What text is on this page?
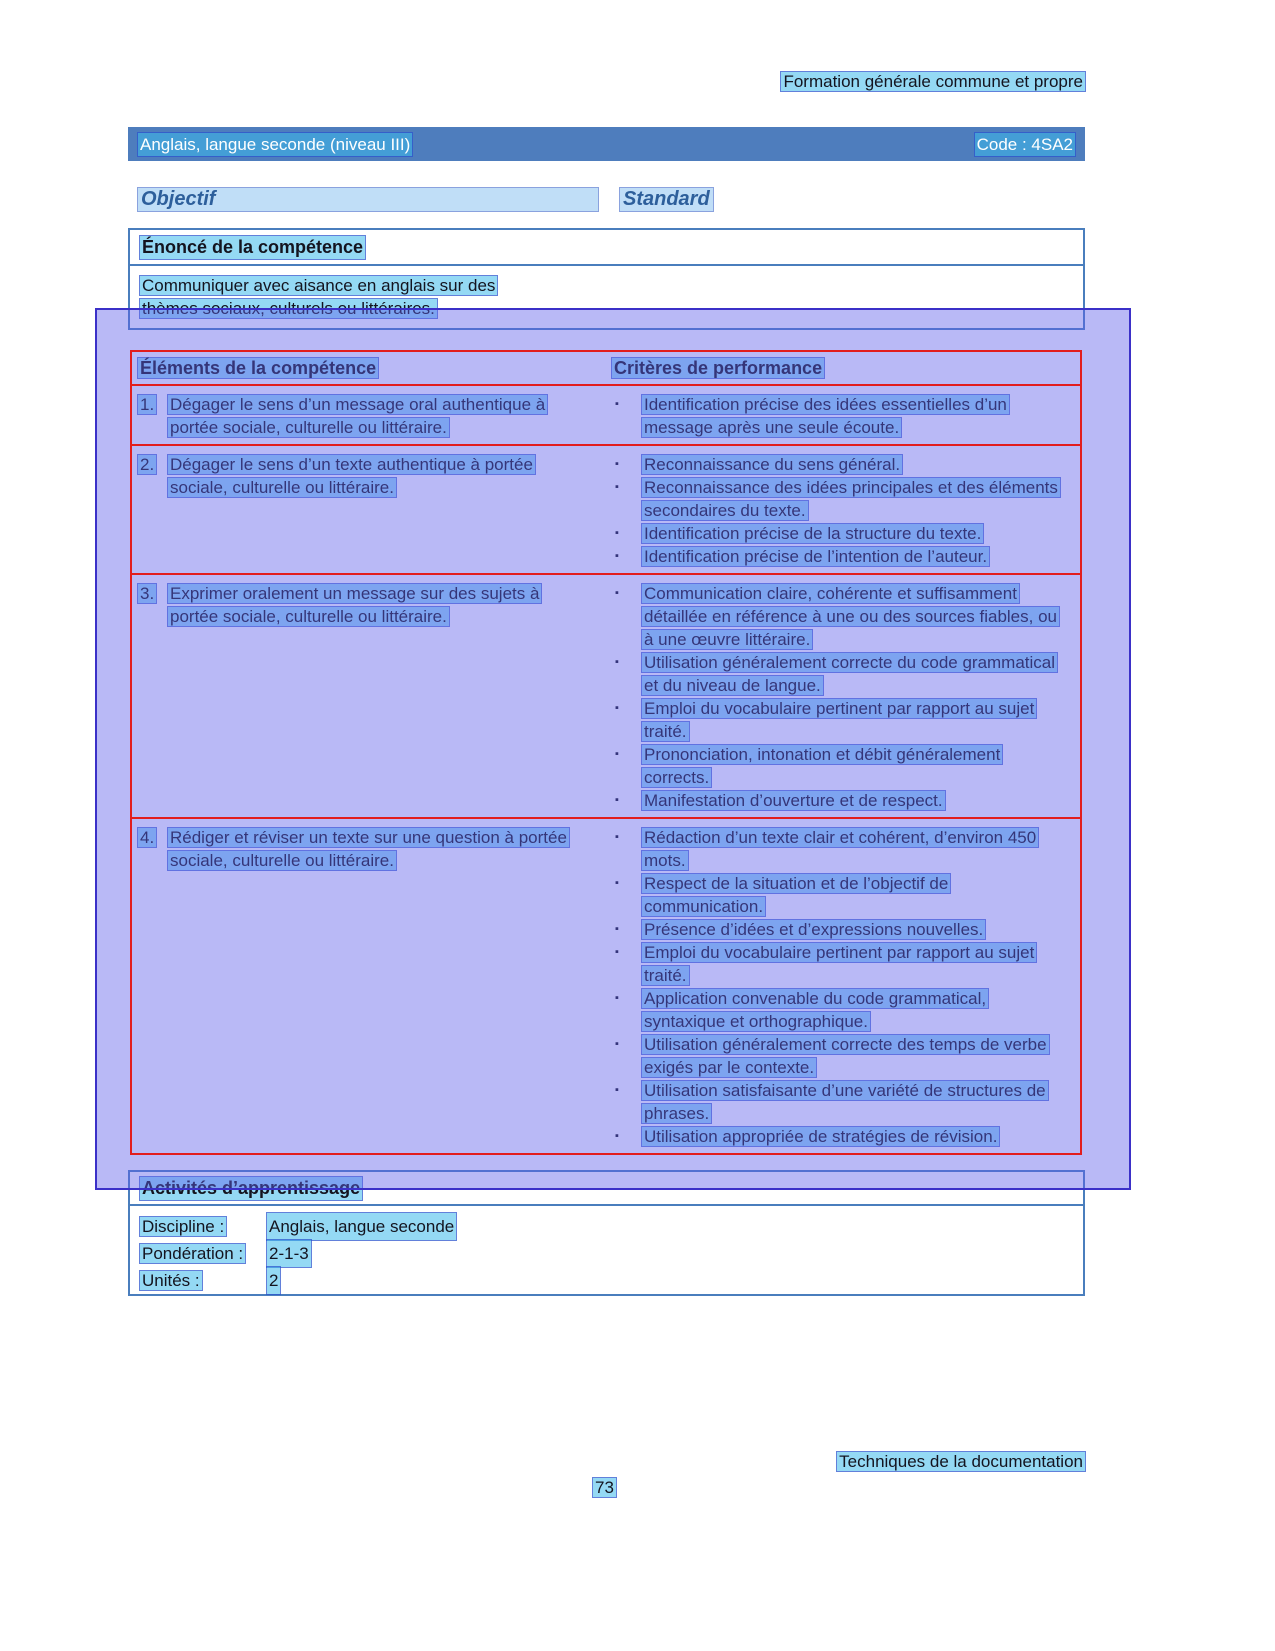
Formation générale commune et propre
Anglais, langue seconde (niveau III)	Code : 4SA2
Objectif	Standard
Énoncé de la compétence
Communiquer avec aisance en anglais sur des thèmes sociaux, culturels ou littéraires.
Éléments de la compétence	Critères de performance
1. Dégager le sens d’un message oral authentique à portée sociale, culturelle ou littéraire.
▪	Identification précise des idées essentielles d’un message après une seule écoute.
2. Dégager le sens d’un texte authentique à portée sociale, culturelle ou littéraire.
▪	Reconnaissance du sens général.
▪	Reconnaissance des idées principales et des éléments secondaires du texte.
▪	Identification précise de la structure du texte.
▪	Identification précise de l’intention de l’auteur.
3. Exprimer oralement un message sur des sujets à portée sociale, culturelle ou littéraire.
▪	Communication claire, cohérente et suffisamment détaillée en référence à une ou des sources fiables, ou à une œuvre littéraire.
▪	Utilisation généralement correcte du code grammatical et du niveau de langue.
▪	Emploi du vocabulaire pertinent par rapport au sujet traité.
▪	Prononciation, intonation et débit généralement corrects.
▪	Manifestation d’ouverture et de respect.
4. Rédiger et réviser un texte sur une question à portée sociale, culturelle ou littéraire.
▪	Rédaction d’un texte clair et cohérent, d’environ 450 mots.
▪	Respect de la situation et de l’objectif de communication.
▪	Présence d’idées et d’expressions nouvelles.
▪	Emploi du vocabulaire pertinent par rapport au sujet traité.
▪	Application convenable du code grammatical, syntaxique et orthographique.
▪	Utilisation généralement correcte des temps de verbe exigés par le contexte.
▪	Utilisation satisfaisante d’une variété de structures de phrases.
▪	Utilisation appropriée de stratégies de révision.
Activités d’apprentissage
Discipline :	Anglais, langue seconde
Pondération :	2-1-3
Unités :	2
Techniques de la documentation
73
